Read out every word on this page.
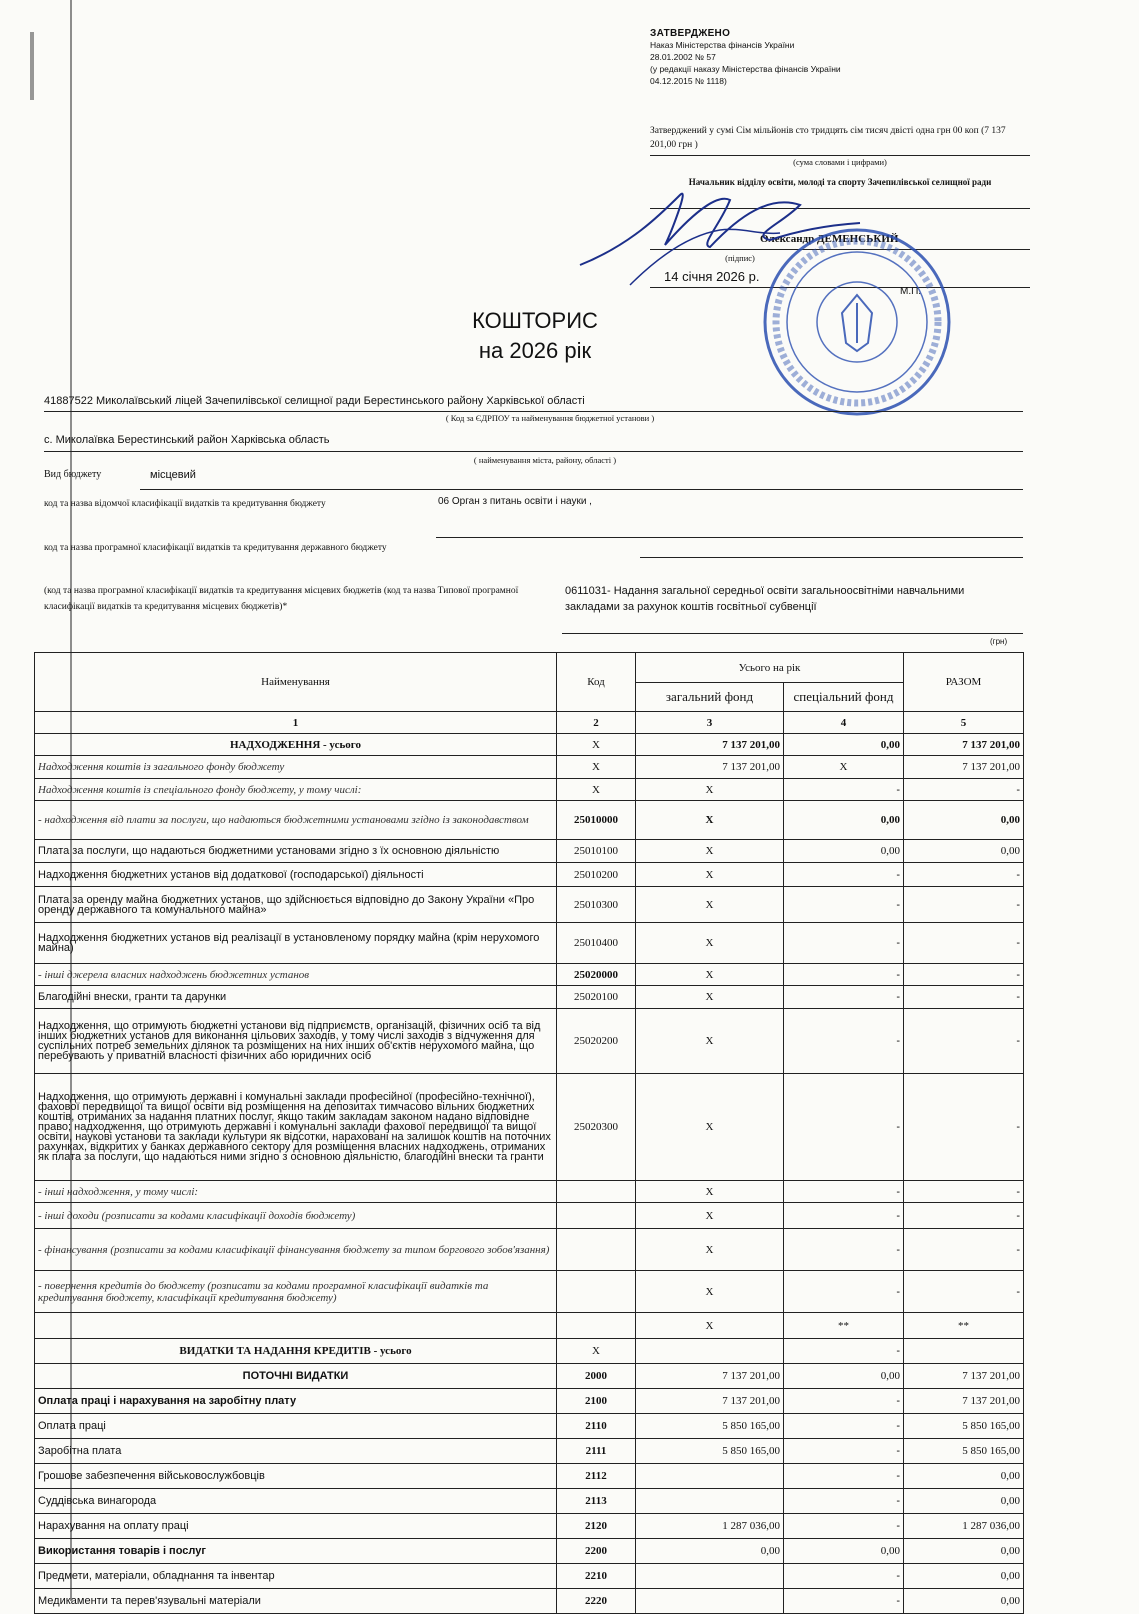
ЗАТВЕРДЖЕНО
Наказ Міністерства фінансів України
28.01.2002 № 57
(у редакції наказу Міністерства фінансів України
04.12.2015 № 1118)
Затверджений у сумі Сім мільйонів сто тридцять сім тисяч двісті одна грн 00 коп (7 137 201,00 грн )
(сума словами і цифрами)
Начальник відділу освіти, молоді та спорту Зачепилівської селищної ради
Олександр ДЕМЕНСЬКИЙ
(підпис)
14 січня 2026 р.
М.П.
КОШТОРИС
на 2026 рік
41887522 Миколаївський ліцей Зачепилівської селищної ради Берестинського району Харківської області
( Код за ЄДРПОУ та найменування бюджетної установи )
с. Миколаївка Берестинський район Харківська область
( найменування міста, району, області )
Вид бюджету	місцевий
код та назва відомчої класифікації видатків та кредитування бюджету	06 Орган з питань освіти і науки ,
код та назва програмної класифікації видатків та кредитування державного бюджету
(код та назва програмної класифікації видатків та кредитування місцевих бюджетів (код та назва Типової програмної класифікації видатків та кредитування місцевих бюджетів)*
0611031- Надання загальної середньої освіти загальноосвітніми навчальними закладами за рахунок коштів госвітньої субвенції
(грн)
Найменування	Код	Усього на рік		РАЗОМ
		загальний фонд	спеціальний фонд	
1	2	3	4	5
НАДХОДЖЕННЯ - усього	X	7 137 201,00	0,00	7 137 201,00
Надходження коштів із загального фонду бюджету	X	7 137 201,00	X	7 137 201,00
Надходження коштів із спеціального фонду бюджету, у тому числі:	X	X	-	-
- надходження від плати за послуги, що надаються бюджетними установами згідно із законодавством	25010000	X	0,00	0,00
Плата за послуги, що надаються бюджетними установами згідно з їх основною діяльністю	25010100	X	0,00	0,00
Надходження бюджетних установ від додаткової (господарської) діяльності	25010200	X	-	-
Плата за оренду майна бюджетних установ, що здійснюється відповідно до Закону України «Про оренду державного та комунального майна»	25010300	X	-	-
Надходження бюджетних установ від реалізації в установленому порядку майна (крім нерухомого майна)	25010400	X	-	-
- інші джерела власних надходжень бюджетних установ	25020000	X	-	-
Благодійні внески, гранти та дарунки	25020100	X	-	-
Надходження, що отримують бюджетні установи від підприємств, організацій, фізичних осіб та від інших бюджетних установ для виконання цільових заходів, у тому числі заходів з відчуження для суспільних потреб земельних ділянок та розміщених на них інших об'єктів нерухомого майна, що перебувають у приватній власності фізичних або юридичних осіб	25020200	X	-	-
Надходження, що отримують державні і комунальні заклади професійної (професійно-технічної), фахової передвищої та вищої освіти від розміщення на депозитах тимчасово вільних бюджетних коштів, отриманих за надання платних послуг, якщо таким закладам законом надано відповідне право; надходження, що отримують державні і комунальні заклади фахової передвищої та вищої освіти, наукові установи та заклади культури як відсотки, нараховані на залишок коштів на поточних рахунках, відкритих у банках державного сектору для розміщення власних надходжень, отриманих як плата за послуги, що надаються ними згідно з основною діяльністю, благодійні внески та гранти	25020300	X	-	-
- інші надходження, у тому числі:		X	-	-
- інші доходи (розписати за кодами класифікації доходів бюджету)		X	-	-
- фінансування (розписати за кодами класифікації фінансування бюджету за типом боргового зобов'язання)		X	-	-
- повернення кредитів до бюджету (розписати за кодами програмної класифікації видатків та кредитування бюджету, класифікації кредитування бюджету)		X	-	-
		X	**	**
ВИДАТКИ ТА НАДАННЯ КРЕДИТІВ - усього	X		-	
ПОТОЧНІ ВИДАТКИ	2000	7 137 201,00	0,00	7 137 201,00
Оплата праці і нарахування на заробітну плату	2100	7 137 201,00	-	7 137 201,00
Оплата праці	2110	5 850 165,00	-	5 850 165,00
Заробітна плата	2111	5 850 165,00	-	5 850 165,00
Грошове забезпечення військовослужбовців	2112		-	0,00
Суддівська винагорода	2113		-	0,00
Нарахування на оплату праці	2120	1 287 036,00	-	1 287 036,00
Використання товарів і послуг	2200	0,00	0,00	0,00
Предмети, матеріали, обладнання та інвентар	2210		-	0,00
Медикаменти та перев'язувальні матеріали	2220		-	0,00
